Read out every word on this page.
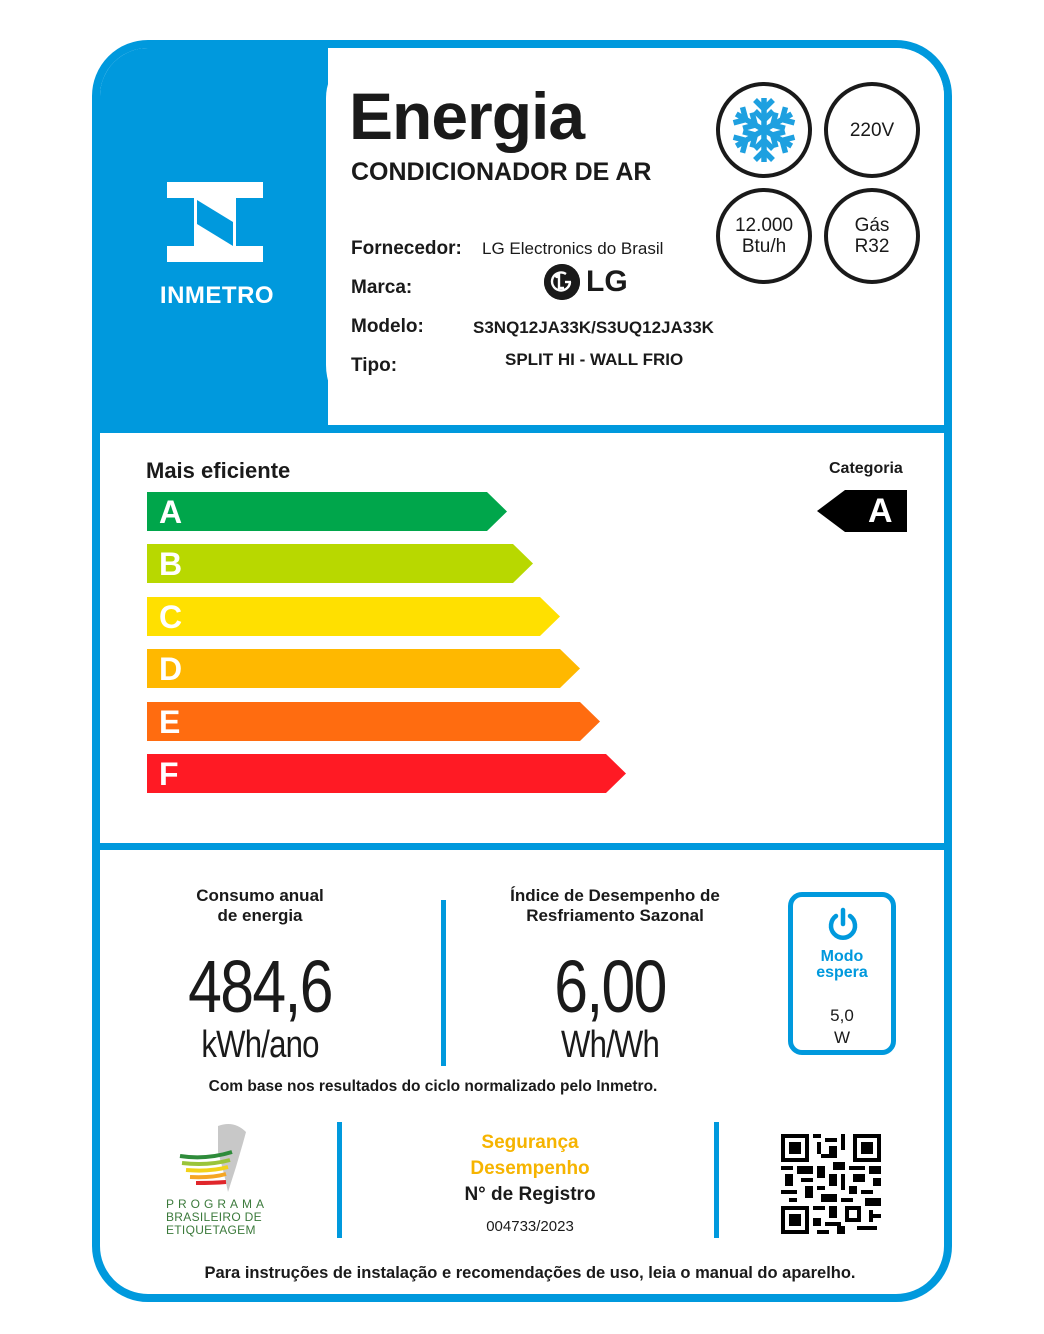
INMETRO
Energia
CONDICIONADOR DE AR
Fornecedor: LG Electronics do Brasil
Marca:	LG
Modelo:	S3NQ12JA33K/S3UQ12JA33K
Tipo:	SPLIT HI - WALL FRIO
220V
12.000
Btu/h
Gás
R32
Mais eficiente
A
B
C
D
E
F
Categoria
A
Consumo anual
de energia
484,6
kWh/ano
Índice de Desempenho de
Resfriamento Sazonal
6,00
Wh/Wh
Modo
espera
5,0
W
Com base nos resultados do ciclo normalizado pelo Inmetro.
PROGRAMA
BRASILEIRO DE
ETIQUETAGEM
Segurança
Desempenho
N° de Registro
004733/2023
Para instruções de instalação e recomendações de uso, leia o manual do aparelho.
